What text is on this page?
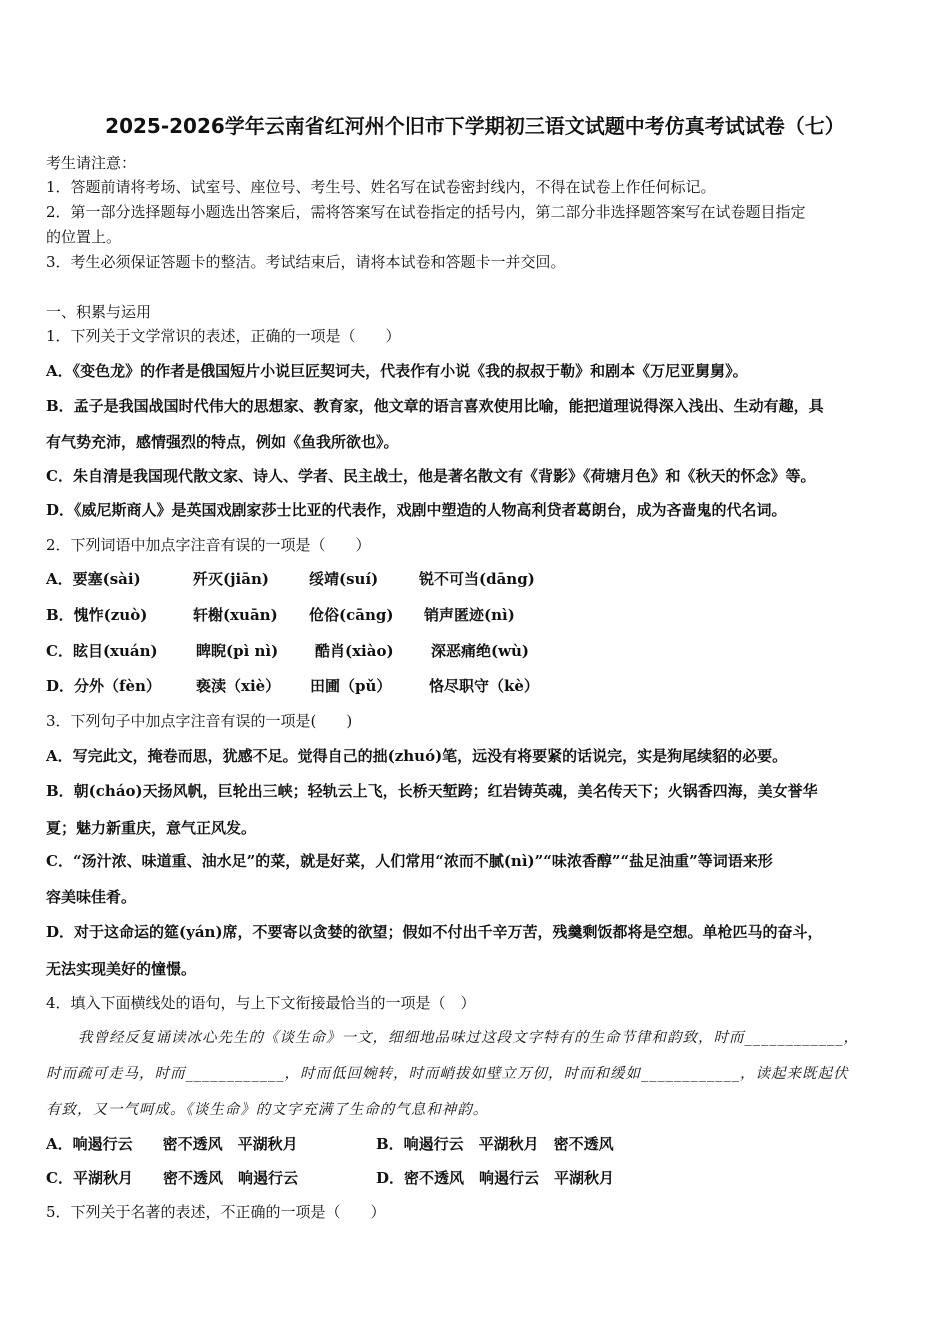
2025-2026学年云南省红河州个旧市下学期初三语文试题中考仿真考试试卷（七）
考生请注意：
1．答题前请将考场、试室号、座位号、考生号、姓名写在试卷密封线内，不得在试卷上作任何标记。
2．第一部分选择题每小题选出答案后，需将答案写在试卷指定的括号内，第二部分非选择题答案写在试卷题目指定
的位置上。
3．考生必须保证答题卡的整洁。考试结束后，请将本试卷和答题卡一并交回。
一、积累与运用
1．下列关于文学常识的表述，正确的一项是（　　）
A．《变色龙》的作者是俄国短片小说巨匠契诃夫，代表作有小说《我的叔叔于勒》和剧本《万尼亚舅舅》。
B．孟子是我国战国时代伟大的思想家、教育家，他文章的语言喜欢使用比喻，能把道理说得深入浅出、生动有趣，具
有气势充沛，感情强烈的特点，例如《鱼我所欲也》。
C．朱自清是我国现代散文家、诗人、学者、民主战士，他是著名散文有《背影》《荷塘月色》和《秋天的怀念》等。
D．《威尼斯商人》是英国戏剧家莎士比亚的代表作，戏剧中塑造的人物高利贷者葛朗台，成为吝啬鬼的代名词。
2．下列词语中加点字注音有误的一项是（　　）
A．要塞(sài)	歼灭(jiān)	绥靖(suí)	锐不可当(dāng)
B．愧怍(zuò)	轩榭(xuān) 伧俗(cāng) 销声匿迹(nì)
C．眩目(xuán)	睥睨(pì nì) 酷肖(xiào) 深恶痛绝(wù)
D．分外（fèn） 亵渎（xiè） 田圃（pǔ）	恪尽职守（kè）
3．下列句子中加点字注音有误的一项是(　　)
A．写完此文，掩卷而思，犹感不足。觉得自己的拙(zhuó)笔，远没有将要紧的话说完，实是狗尾续貂的必要。
B．朝(cháo)天扬风帆，巨轮出三峡；轻轨云上飞，长桥天堑跨；红岩铸英魂，美名传天下；火锅香四海，美女誉华
夏；魅力新重庆，意气正风发。
C．“汤汁浓、味道重、油水足”的菜，就是好菜，人们常用“浓而不腻(nì)”“味浓香醇”“盐足油重”等词语来形
容美味佳肴。
D．对于这命运的筵(yán)席，不要寄以贪婪的欲望；假如不付出千辛万苦，残羹剩饭都将是空想。单枪匹马的奋斗，
无法实现美好的憧憬。
4．填入下面横线处的语句，与上下文衔接最恰当的一项是（　）
我曾经反复诵读冰心先生的《谈生命》一文，细细地品味过这段文字特有的生命节律和韵致，时而____________，
时而疏可走马，时而____________，时而低回婉转，时而峭拔如壁立万仞，时而和缓如____________，读起来既起伏
有致，又一气呵成。《谈生命》的文字充满了生命的气息和神韵。
A．响遏行云　　密不透风　平湖秋月	B．响遏行云　平湖秋月　密不透风
C．平湖秋月　　密不透风　响遏行云	D．密不透风　响遏行云　平湖秋月
5．下列关于名著的表述，不正确的一项是（　　）
